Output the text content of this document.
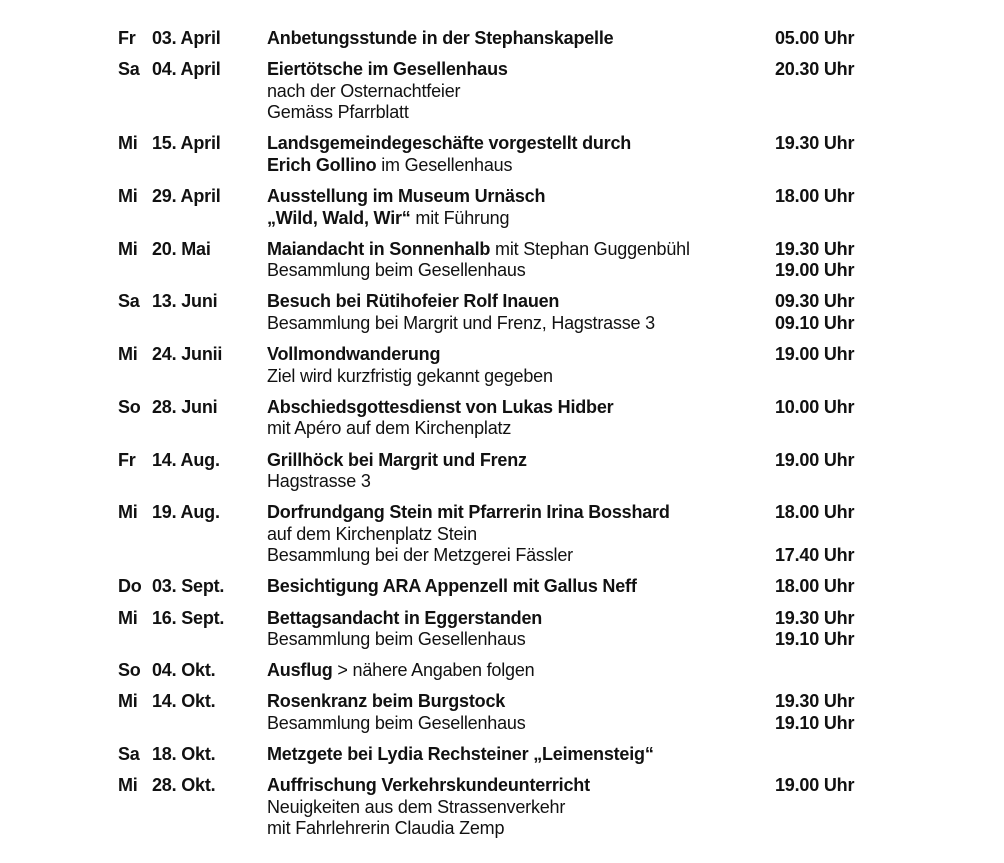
Fr 03. April	Anbetungsstunde in der Stephanskapelle	05.00 Uhr
Sa 04. April	Eiertötsche im Gesellenhaus	20.30 Uhr
nach der Osternachtfeier
Gemäss Pfarrblatt
Mi 15. April	Landsgemeindegeschäfte vorgestellt durch	19.30 Uhr
Erich Gollino im Gesellenhaus
Mi 29. April	Ausstellung im Museum Urnäsch	18.00 Uhr
„Wild, Wald, Wir“ mit Führung
Mi 20. Mai	Maiandacht in Sonnenhalb mit Stephan Guggenbühl	19.30 Uhr
Besammlung beim Gesellenhaus	19.00 Uhr
Sa 13. Juni	Besuch bei Rütihofeier Rolf Inauen	09.30 Uhr
Besammlung bei Margrit und Frenz, Hagstrasse 3	09.10 Uhr
Mi 24. Junii	Vollmondwanderung	19.00 Uhr
Ziel wird kurzfristig gekannt gegeben
So 28. Juni	Abschiedsgottesdienst von Lukas Hidber	10.00 Uhr
mit Apéro auf dem Kirchenplatz
Fr 14. Aug.	Grillhöck bei Margrit und Frenz	19.00 Uhr
Hagstrasse 3
Mi 19. Aug.	Dorfrundgang Stein mit Pfarrerin Irina Bosshard	18.00 Uhr
auf dem Kirchenplatz Stein
Besammlung bei der Metzgerei Fässler	17.40 Uhr
Do 03. Sept.	Besichtigung ARA Appenzell mit Gallus Neff	18.00 Uhr
Mi 16. Sept.	Bettagsandacht in Eggerstanden	19.30 Uhr
Besammlung beim Gesellenhaus	19.10 Uhr
So 04. Okt.	Ausflug > nähere Angaben folgen
Mi 14. Okt.	Rosenkranz beim Burgstock	19.30 Uhr
Besammlung beim Gesellenhaus	19.10 Uhr
Sa 18. Okt.	Metzgete bei Lydia Rechsteiner „Leimensteig“
Mi 28. Okt.	Auffrischung Verkehrskundeunterricht	19.00 Uhr
Neuigkeiten aus dem Strassenverkehr
mit Fahrlehrerin Claudia Zemp
